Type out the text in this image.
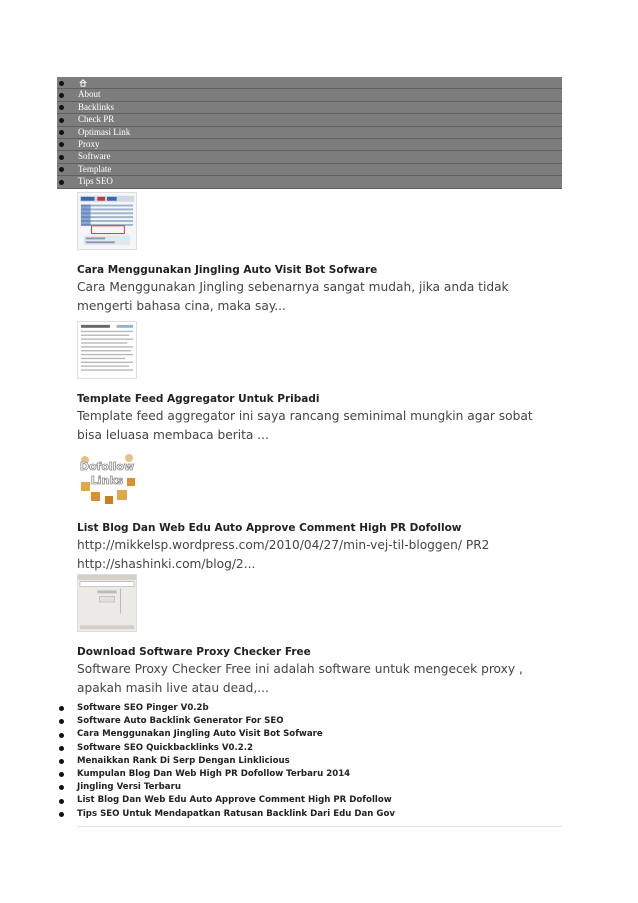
About
Backlinks
Check PR
Optimasi Link
Proxy
Software
Template
Tips SEO
Cara Menggunakan Jingling Auto Visit Bot Sofware
Cara Menggunakan Jingling sebenarnya sangat mudah, jika anda tidak mengerti bahasa cina, maka say...
Template Feed Aggregator Untuk Pribadi
Template feed aggregator ini saya rancang seminimal mungkin agar sobat bisa leluasa membaca berita ...
Dofollow
Links
List Blog Dan Web Edu Auto Approve Comment High PR Dofollow
http://mikkelsp.wordpress.com/2010/04/27/min-vej-til-bloggen/ PR2 http://shashinki.com/blog/2...
Download Software Proxy Checker Free
Software Proxy Checker Free ini adalah software untuk mengecek proxy , apakah masih live atau dead,...
Software SEO Pinger V0.2b
Software Auto Backlink Generator For SEO
Cara Menggunakan Jingling Auto Visit Bot Sofware
Software SEO Quickbacklinks V0.2.2
Menaikkan Rank Di Serp Dengan Linklicious
Kumpulan Blog Dan Web High PR Dofollow Terbaru 2014
Jingling Versi Terbaru
List Blog Dan Web Edu Auto Approve Comment High PR Dofollow
Tips SEO Untuk Mendapatkan Ratusan Backlink Dari Edu Dan Gov
